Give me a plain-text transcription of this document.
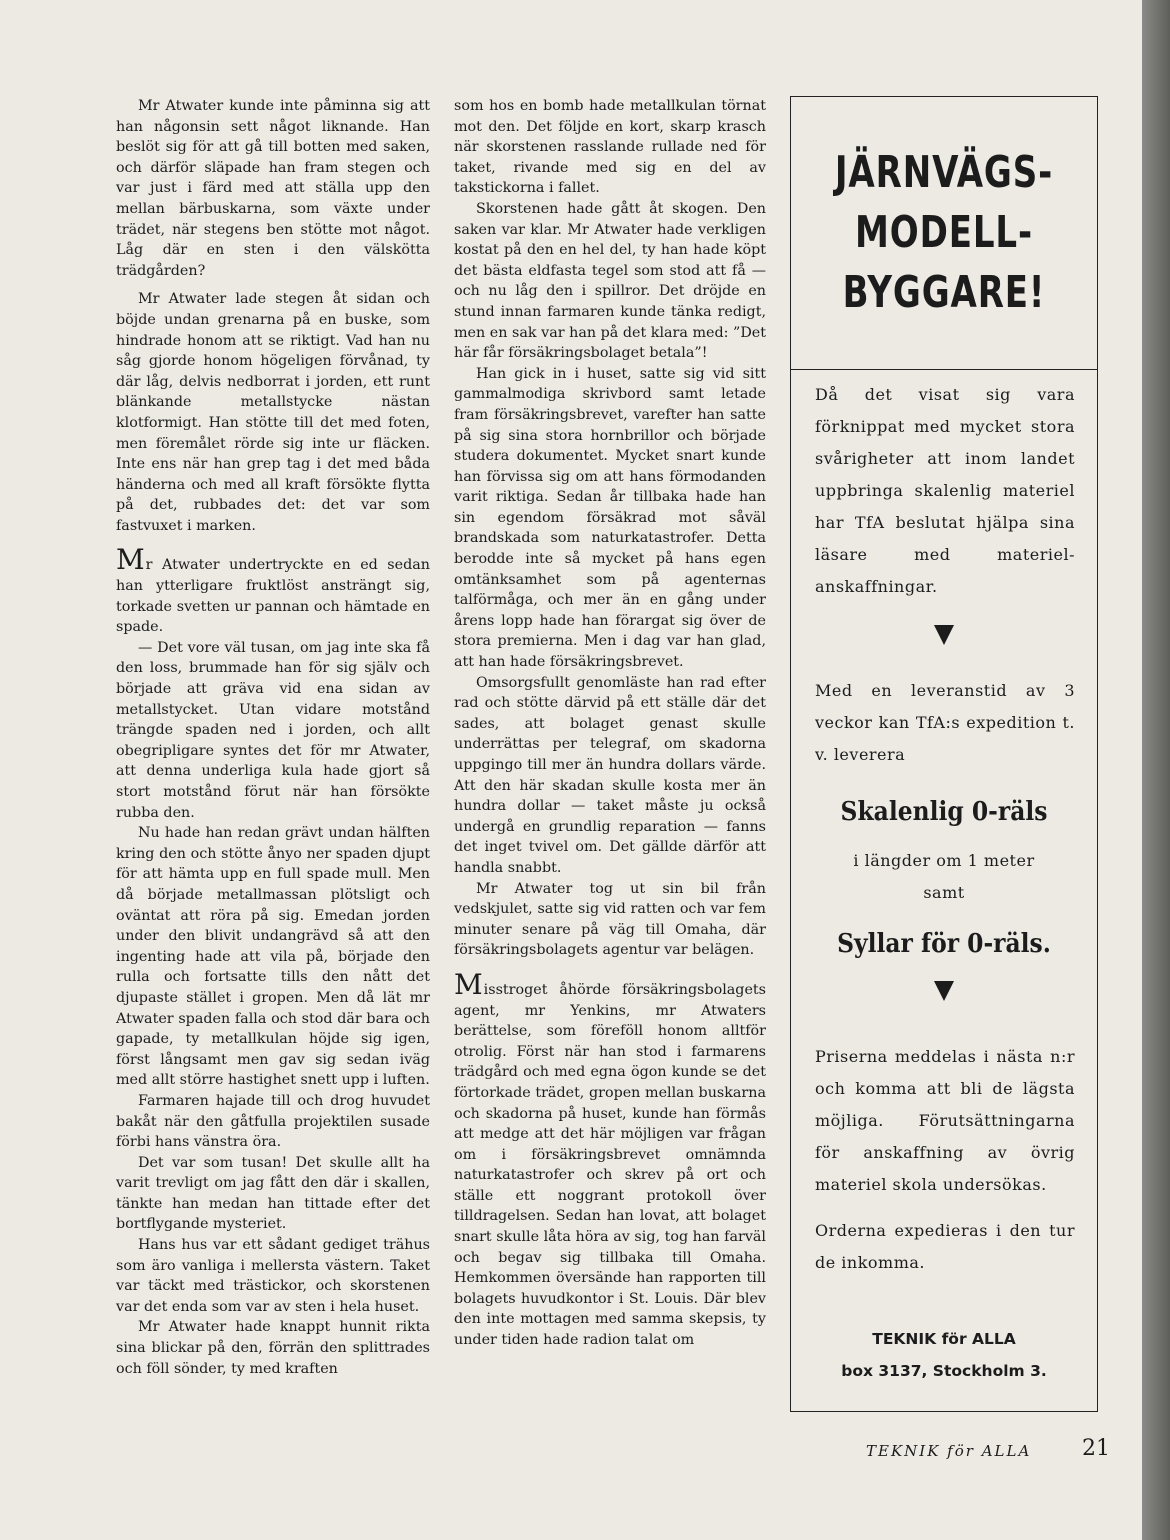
Mr Atwater kunde inte påminna sig att han någonsin sett något liknande. Han beslöt sig för att gå till botten med saken, och därför släpade han fram stegen och var just i färd med att ställa upp den mellan bärbuskarna, som växte under trädet, när stegens ben stötte mot något. Låg där en sten i den välskötta trädgården?

Mr Atwater lade stegen åt sidan och böjde undan grenarna på en buske, som hindrade honom att se riktigt. Vad han nu såg gjorde honom högeligen förvånad, ty där låg, delvis nedborrat i jorden, ett runt blänkande metallstycke nästan klotformigt. Han stötte till det med foten, men föremålet rörde sig inte ur fläcken. Inte ens när han grep tag i det med båda händerna och med all kraft försökte flytta på det, rubbades det: det var som fastvuxet i marken.

Mr Atwater undertryckte en ed sedan han ytterligare fruktlöst ansträngt sig, torkade svetten ur pannan och hämtade en spade.

— Det vore väl tusan, om jag inte ska få den loss, brummade han för sig själv och började att gräva vid ena sidan av metallstycket. Utan vidare motstånd trängde spaden ned i jorden, och allt obegripligare syntes det för mr Atwater, att denna underliga kula hade gjort så stort motstånd förut när han försökte rubba den.

Nu hade han redan grävt undan hälften kring den och stötte ånyo ner spaden djupt för att hämta upp en full spade mull. Men då började metallmassan plötsligt och oväntat att röra på sig. Emedan jorden under den blivit undangrävd så att den ingenting hade att vila på, började den rulla och fortsatte tills den nått det djupaste stället i gropen. Men då lät mr Atwater spaden falla och stod där bara och gapade, ty metallkulan höjde sig igen, först långsamt men gav sig sedan iväg med allt större hastighet snett upp i luften.

Farmaren hajade till och drog huvudet bakåt när den gåtfulla projektilen susade förbi hans vänstra öra.

Det var som tusan! Det skulle allt ha varit trevligt om jag fått den där i skallen, tänkte han medan han tittade efter det bortflygande mysteriet.

Hans hus var ett sådant gediget trähus som äro vanliga i mellersta västern. Taket var täckt med trästickor, och skorstenen var det enda som var av sten i hela huset.

Mr Atwater hade knappt hunnit rikta sina blickar på den, förrän den splittrades och föll sönder, ty med kraften

som hos en bomb hade metallkulan törnat mot den. Det följde en kort, skarp krasch när skorstenen rasslande rullade ned för taket, rivande med sig en del av takstickorna i fallet.

Skorstenen hade gått åt skogen. Den saken var klar. Mr Atwater hade verkligen kostat på den en hel del, ty han hade köpt det bästa eldfasta tegel som stod att få — och nu låg den i spillror. Det dröjde en stund innan farmaren kunde tänka redigt, men en sak var han på det klara med: ”Det här får försäkringsbolaget betala”!

Han gick in i huset, satte sig vid sitt gammalmodiga skrivbord samt letade fram försäkringsbrevet, varefter han satte på sig sina stora hornbrillor och började studera dokumentet. Mycket snart kunde han förvissa sig om att hans förmodanden varit riktiga. Sedan år tillbaka hade han sin egendom försäkrad mot såväl brandskada som naturkatastrofer. Detta berodde inte så mycket på hans egen omtänksamhet som på agenternas talförmåga, och mer än en gång under årens lopp hade han förargat sig över de stora premierna. Men i dag var han glad, att han hade försäkringsbrevet.

Omsorgsfullt genomläste han rad efter rad och stötte därvid på ett ställe där det sades, att bolaget genast skulle underrättas per telegraf, om skadorna uppgingo till mer än hundra dollars värde. Att den här skadan skulle kosta mer än hundra dollar — taket måste ju också undergå en grundlig reparation — fanns det inget tvivel om. Det gällde därför att handla snabbt.

Mr Atwater tog ut sin bil från vedskjulet, satte sig vid ratten och var fem minuter senare på väg till Omaha, där försäkringsbolagets agentur var belägen.

Misstroget åhörde försäkringsbolagets agent, mr Yenkins, mr Atwaters berättelse, som föreföll honom alltför otrolig. Först när han stod i farmarens trädgård och med egna ögon kunde se det förtorkade trädet, gropen mellan buskarna och skadorna på huset, kunde han förmås att medge att det här möjligen var frågan om i försäkringsbrevet omnämnda naturkatastrofer och skrev på ort och ställe ett noggrant protokoll över tilldragelsen. Sedan han lovat, att bolaget snart skulle låta höra av sig, tog han farväl och begav sig tillbaka till Omaha. Hemkommen översände han rapporten till bolagets huvudkontor i St. Louis. Där blev den inte mottagen med samma skepsis, ty under tiden hade radion talat om

JÄRNVÄGS-
MODELL-
BYGGARE!
Då det visat sig vara förknippat med mycket stora svårigheter att inom landet uppbringa skalenlig materiel har TfA beslutat hjälpa sina läsare med materiel-anskaffningar.
Med en leveranstid av 3 veckor kan TfA:s expedition t. v. leverera
Skalenlig 0-räls
i längder om 1 meter
samt
Syllar för 0-räls.
Priserna meddelas i nästa n:r och komma att bli de lägsta möjliga. Förutsättningarna för anskaffning av övrig materiel skola undersökas.
Orderna expedieras i den tur de inkomma.
TEKNIK för ALLA
box 3137, Stockholm 3.
TEKNIK för ALLA 21
